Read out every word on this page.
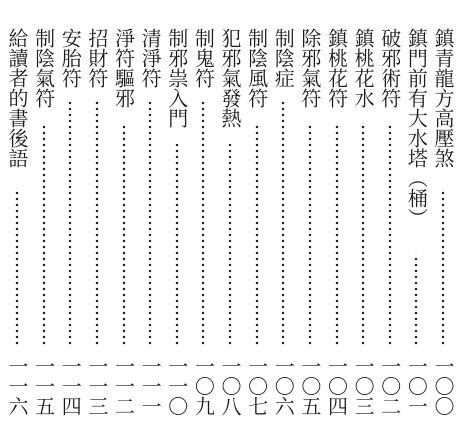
鎮青龍方高壓煞
一〇〇
鎮門前有大水塔（桶）
一〇一
破邪術符
一〇二
鎮桃花水
一〇三
鎮桃花符
一〇四
除邪氣符
一〇五
制陰症
一〇六
制陰風符
一〇七
犯邪氣發熱
一〇八
制鬼符
一〇九
制邪祟入門
一一〇
清淨符
一一一
淨符驅邪
一一二
招財符
一一三
安胎符
一一四
制陰氣符
一一五
給讀者的書後語
一一六
